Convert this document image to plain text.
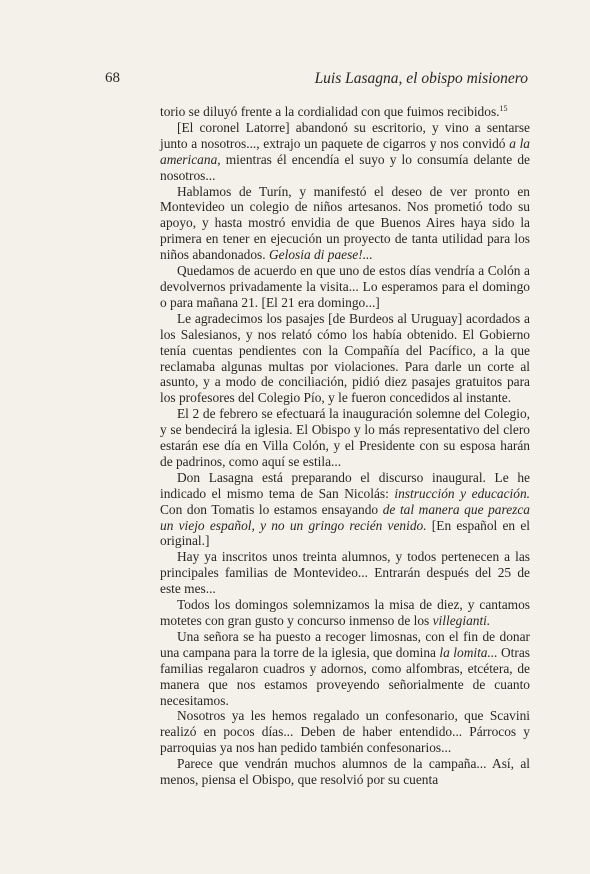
68	Luis Lasagna, el obispo misionero

torio se diluyó frente a la cordialidad con que fuimos recibidos.$^{15}$

[El coronel Latorre] abandonó su escritorio, y vino a sentarse junto a nosotros..., extrajo un paquete de cigarros y nos convidó a la americana, mientras él encendía el suyo y lo consumía delante de nosotros...

Hablamos de Turín, y manifestó el deseo de ver pronto en Montevideo un colegio de niños artesanos. Nos prometió todo su apoyo, y hasta mostró envidia de que Buenos Aires haya sido la primera en tener en ejecución un proyecto de tanta utilidad para los niños abandonados. Gelosia di paese!...

Quedamos de acuerdo en que uno de estos días vendría a Colón a devolvernos privadamente la visita... Lo esperamos para el domingo o para mañana 21. [El 21 era domingo...]

Le agradecimos los pasajes [de Burdeos al Uruguay] acordados a los Salesianos, y nos relató cómo los había obtenido. El Gobierno tenía cuentas pendientes con la Compañía del Pacífico, a la que reclamaba algunas multas por violaciones. Para darle un corte al asunto, y a modo de conciliación, pidió diez pasajes gratuitos para los profesores del Colegio Pío, y le fueron concedidos al instante.

El 2 de febrero se efectuará la inauguración solemne del Colegio, y se bendecirá la iglesia. El Obispo y lo más representativo del clero estarán ese día en Villa Colón, y el Presidente con su esposa harán de padrinos, como aquí se estila...

Don Lasagna está preparando el discurso inaugural. Le he indicado el mismo tema de San Nicolás: instrucción y educación. Con don Tomatis lo estamos ensayando de tal manera que parezca un viejo español, y no un gringo recién venido. [En español en el original.]

Hay ya inscritos unos treinta alumnos, y todos pertenecen a las principales familias de Montevideo... Entrarán después del 25 de este mes...

Todos los domingos solemnizamos la misa de diez, y cantamos motetes con gran gusto y concurso inmenso de los villegianti.

Una señora se ha puesto a recoger limosnas, con el fin de donar una campana para la torre de la iglesia, que domina la lomita... Otras familias regalaron cuadros y adornos, como alfombras, etcétera, de manera que nos estamos proveyendo señorialmente de cuanto necesitamos.

Nosotros ya les hemos regalado un confesonario, que Scavini realizó en pocos días... Deben de haber entendido... Párrocos y parroquias ya nos han pedido también confesonarios...

Parece que vendrán muchos alumnos de la campaña... Así, al menos, piensa el Obispo, que resolvió por su cuenta
